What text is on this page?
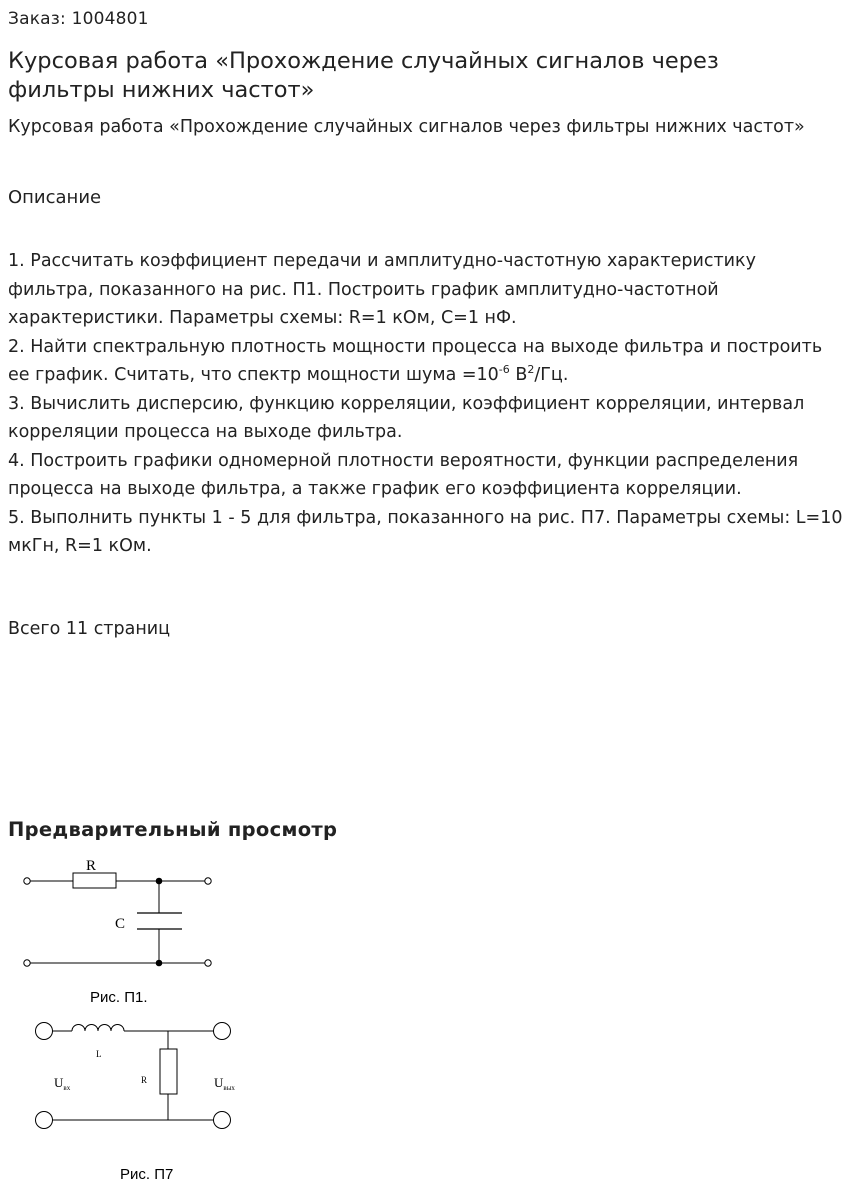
Заказ: 1004801
Курсовая работа «Прохождение случайных сигналов через фильтры нижних частот»

Курсовая работа «Прохождение случайных сигналов через фильтры нижних частот»

Описание

1. Рассчитать коэффициент передачи и амплитудно-частотную характеристику фильтра, показанного на рис. П1. Построить график амплитудно-частотной характеристики. Параметры схемы: R=1 кОм, C=1 нФ.

2. Найти спектральную плотность мощности процесса на выходе фильтра и построить ее график. Считать, что спектр мощности шума $=10^{-6}$ $В^2/Гц$.

3. Вычислить дисперсию, функцию корреляции, коэффициент корреляции, интервал корреляции процесса на выходе фильтра.

4. Построить графики одномерной плотности вероятности, функции распределения процесса на выходе фильтра, а также график его коэффициента корреляции.

5. Выполнить пункты 1 - 5 для фильтра, показанного на рис. П7. Параметры схемы: L=10 мкГн, R=1 кОм.

Всего 11 страниц
Предварительный просмотр
R
C
Рис. П1.
L
R
$U_{вх}$	$U_{вых}$
Рис. П7
